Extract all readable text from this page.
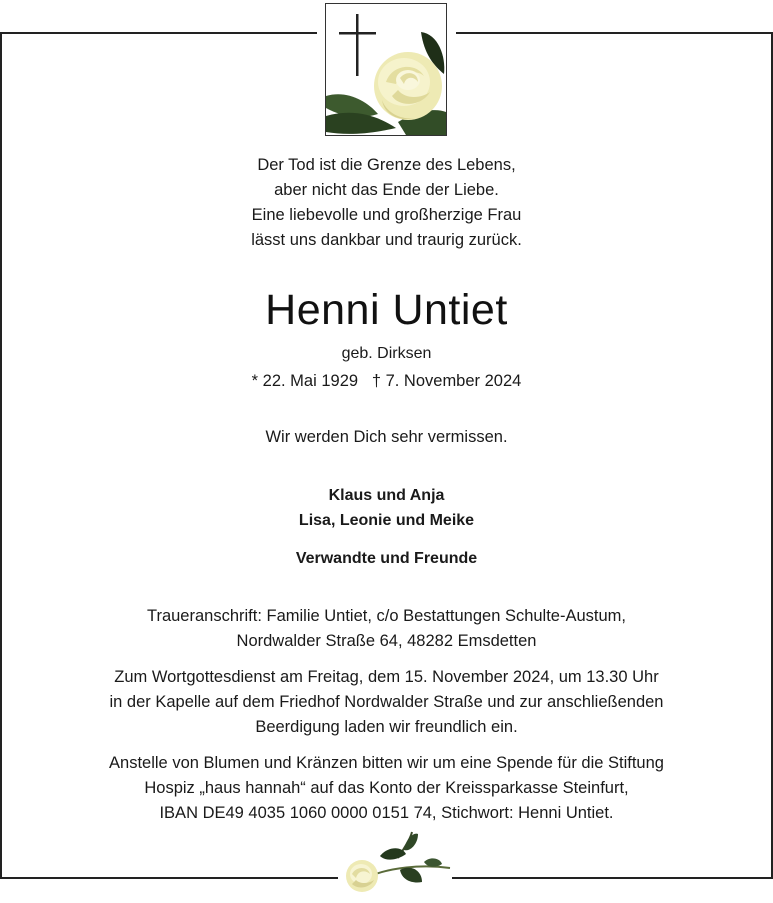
Der Tod ist die Grenze des Lebens,
aber nicht das Ende der Liebe.
Eine liebevolle und großherzige Frau
lässt uns dankbar und traurig zurück.
Henni Untiet
geb. Dirksen
* 22. Mai 1929   † 7. November 2024
Wir werden Dich sehr vermissen.
Klaus und Anja
Lisa, Leonie und Meike
Verwandte und Freunde
Traueranschrift: Familie Untiet, c/o Bestattungen Schulte-Austum,
Nordwalder Straße 64, 48282 Emsdetten
Zum Wortgottesdienst am Freitag, dem 15. November 2024, um 13.30 Uhr
in der Kapelle auf dem Friedhof Nordwalder Straße und zur anschließenden
Beerdigung laden wir freundlich ein.
Anstelle von Blumen und Kränzen bitten wir um eine Spende für die Stiftung
Hospiz „haus hannah“ auf das Konto der Kreissparkasse Steinfurt,
IBAN DE49 4035 1060 0000 0151 74, Stichwort: Henni Untiet.
